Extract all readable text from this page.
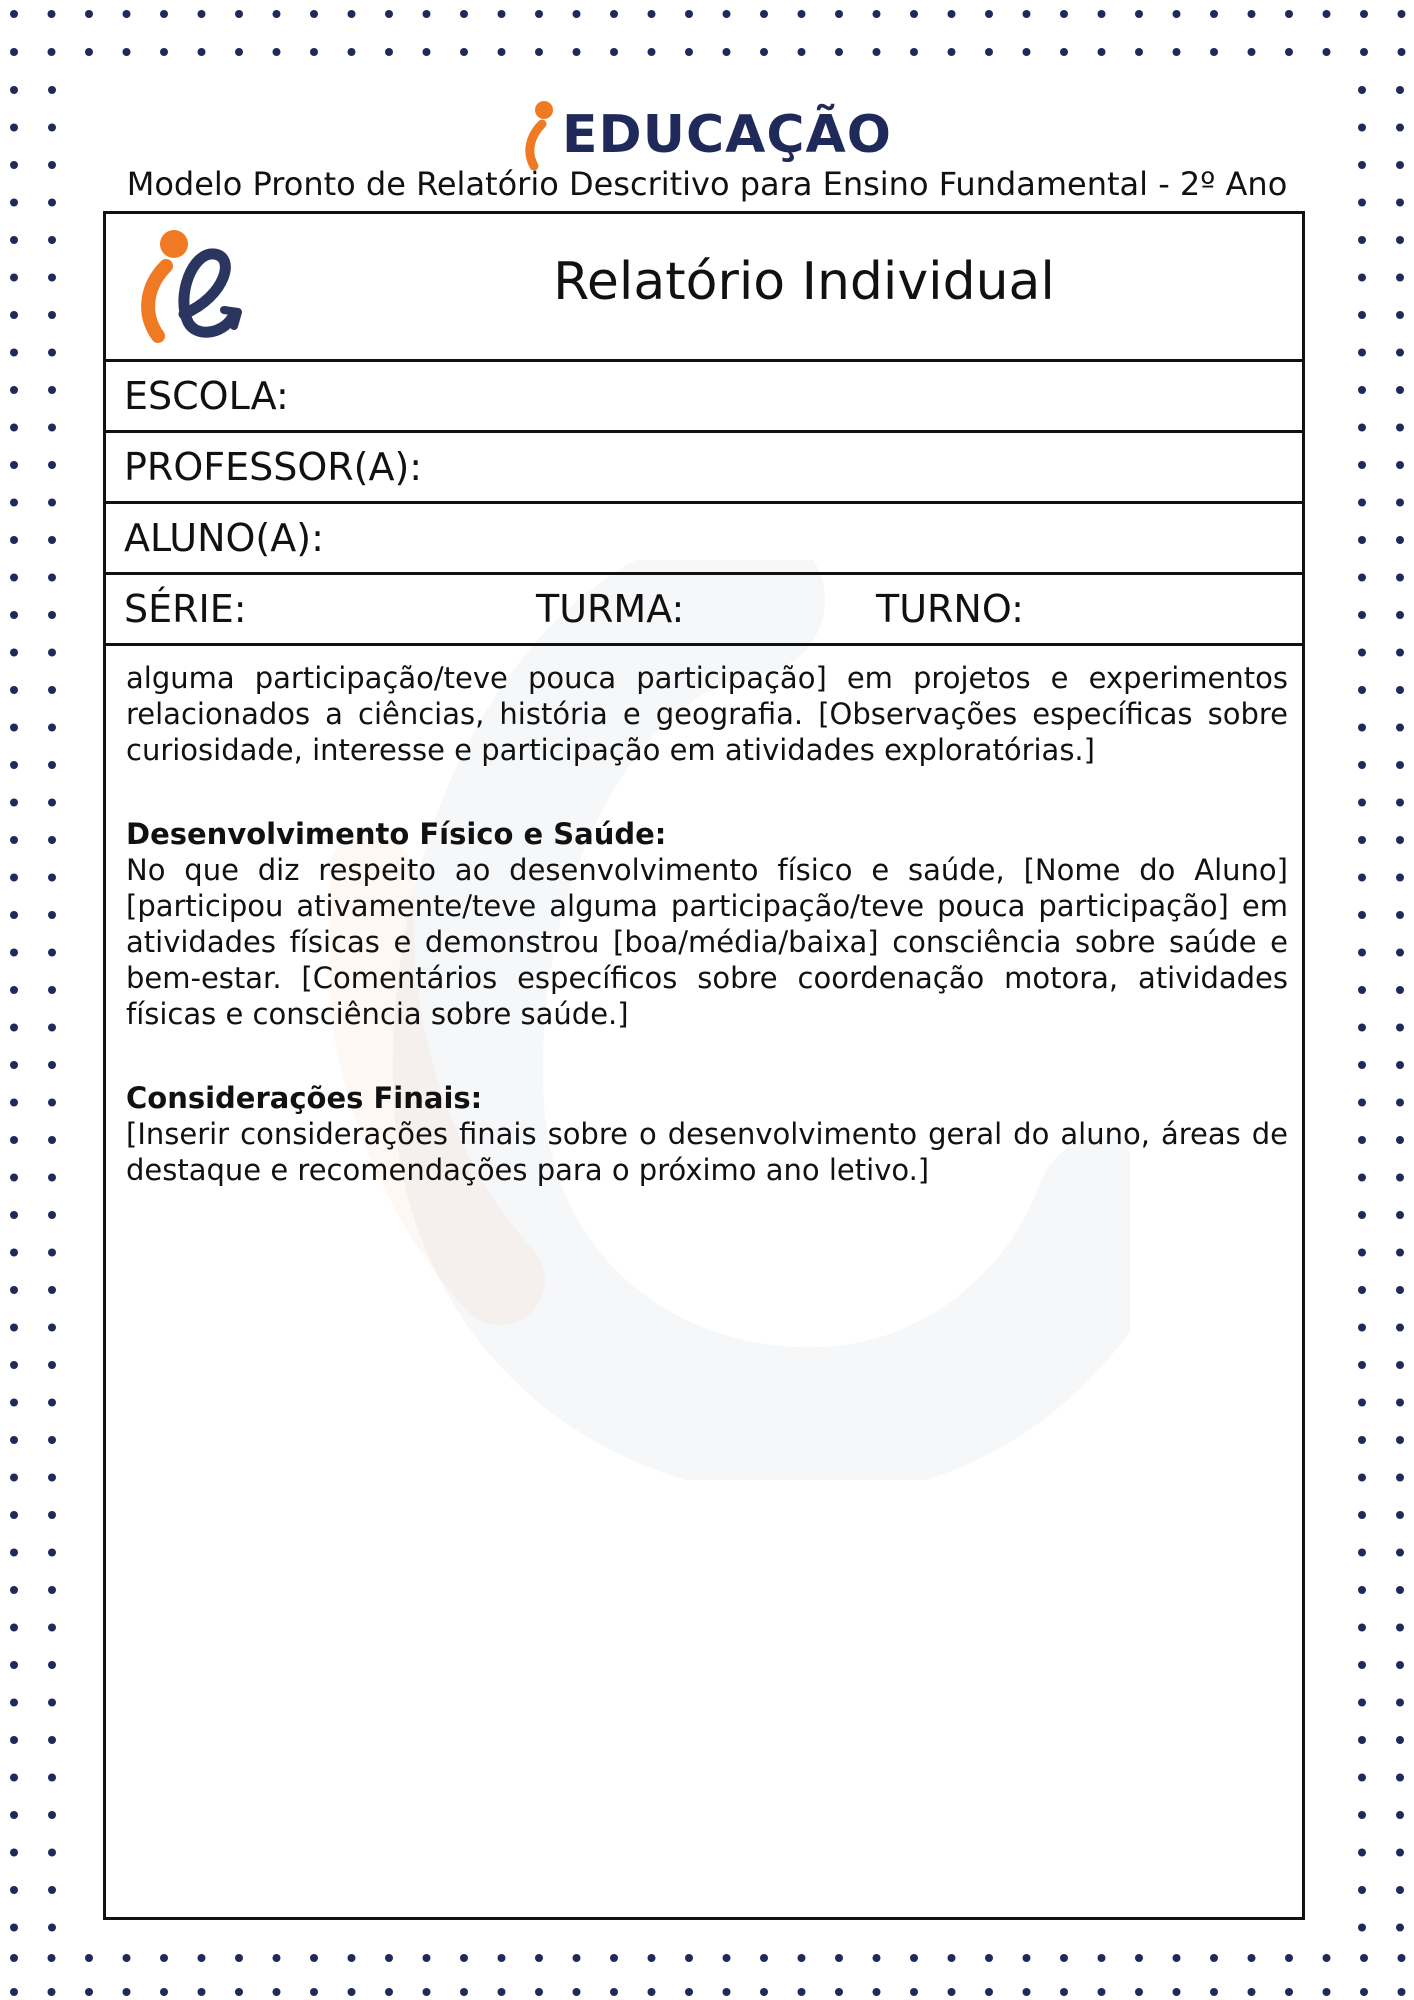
EDUCAÇÃO
Modelo Pronto de Relatório Descritivo para Ensino Fundamental - 2º Ano
Relatório Individual
ESCOLA:
PROFESSOR(A):
ALUNO(A):
SÉRIE:	TURMA:	TURNO:

alguma participação/teve pouca participação] em projetos e experimentos relacionados a ciências, história e geografia. [Observações específicas sobre curiosidade, interesse e participação em atividades exploratórias.]

Desenvolvimento Físico e Saúde:

No que diz respeito ao desenvolvimento físico e saúde, [Nome do Aluno] [participou ativamente/teve alguma participação/teve pouca participação] em atividades físicas e demonstrou [boa/média/baixa] consciência sobre saúde e bem-estar. [Comentários específicos sobre coordenação motora, atividades físicas e consciência sobre saúde.]

Considerações Finais:

[Inserir considerações finais sobre o desenvolvimento geral do aluno, áreas de destaque e recomendações para o próximo ano letivo.]
